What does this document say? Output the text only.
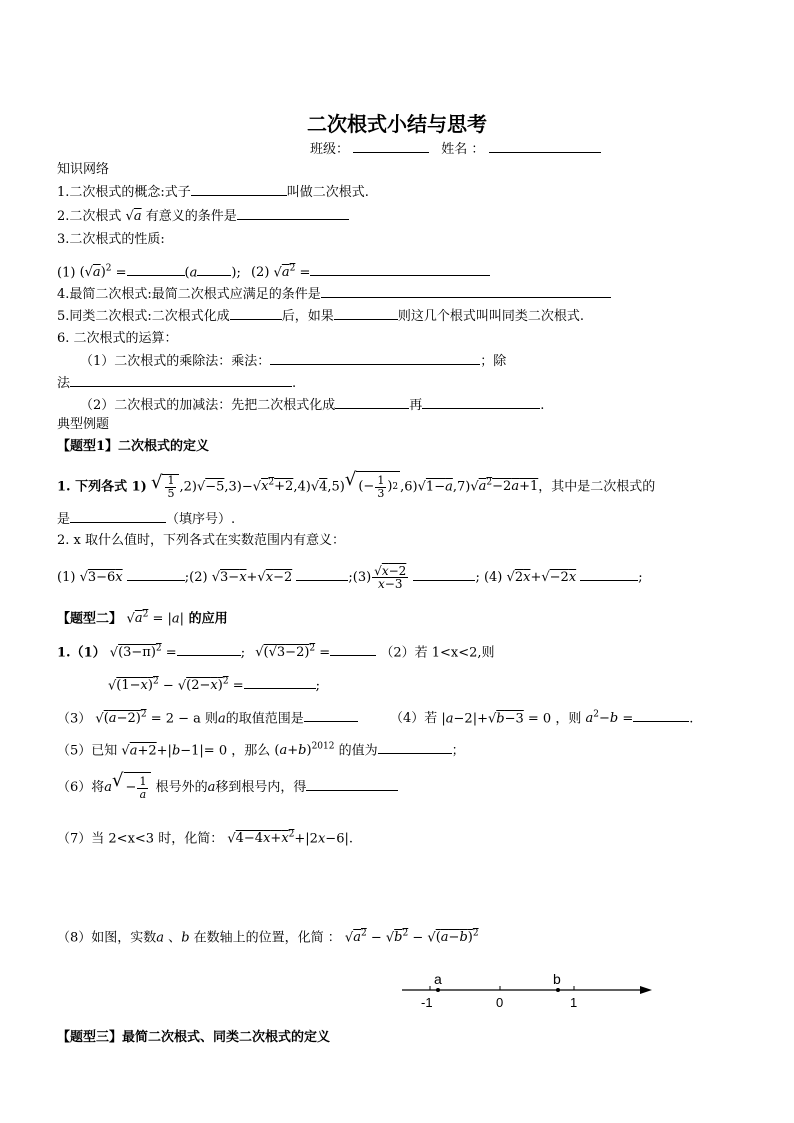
二次根式小结与思考
班级：	姓名 ：
知识网络
1.二次根式的概念:式子	叫做二次根式.
2.二次根式 √a 有意义的条件是
3.二次根式的性质:
(1) $(√a)^2$ =	(a	); (2) $√a^2$ =
4.最简二次根式:最简二次根式应满足的条件是
5.同类二次根式:二次根式化成	后，如果	则这几个根式叫叫同类二次根式.
6. 二次根式的运算：
（1）二次根式的乘除法：乘法：	；除
法	.
（2）二次根式的加减法：先把二次根式化成	再	.
典型例题
【题型1】二次根式的定义
1. 下列各式 1) √ $\frac{1}{5} ,2)√-5,3)-√x^2+2,4)√4,5$) √ (− $\frac{1}{3}$ ) 2 $,6)√1-a,7)√a^2-2a+1$，其中是二次根式的
是	（填序号）.
2. x 取什么值时，下列各式在实数范围内有意义：
(1) √3−6x	;(2) √3−x+√x−2	;(3) $\frac{√x-2}{x-3}$	; (4) √2x+√−2x	;
【题型二】 $√a^2 = |a|$ 的应用
1.（1） $√(3-\pi)^2$ =	; $√(√3-2)^2$ =	（2）若 1<x<2,则
$√(1-x)^2 - √(2-x)^2$ =	;
（3） $√(a-2)^2 = 2 - a$ 则a的取值范围是	（4）若 |a−2|+√b−3 = 0 ，则 $a^2-b$ =	.
（5）已知 √a+2+|b−1|= 0 ，那么 $(a+b)^{2012}$ 的值为	；
（6）将a √ − $\frac{1}{a}$ 根号外的a移到根号内，得
（7）当 2<x<3 时，化简： $√4-4x+x^2+|2x-6|$.
（8）如图，实数a 、b 在数轴上的位置，化简 ： $√a^2 - √b^2 - √(a-b)^2$
a	b
-1	0	1
【题型三】最简二次根式、同类二次根式的定义
